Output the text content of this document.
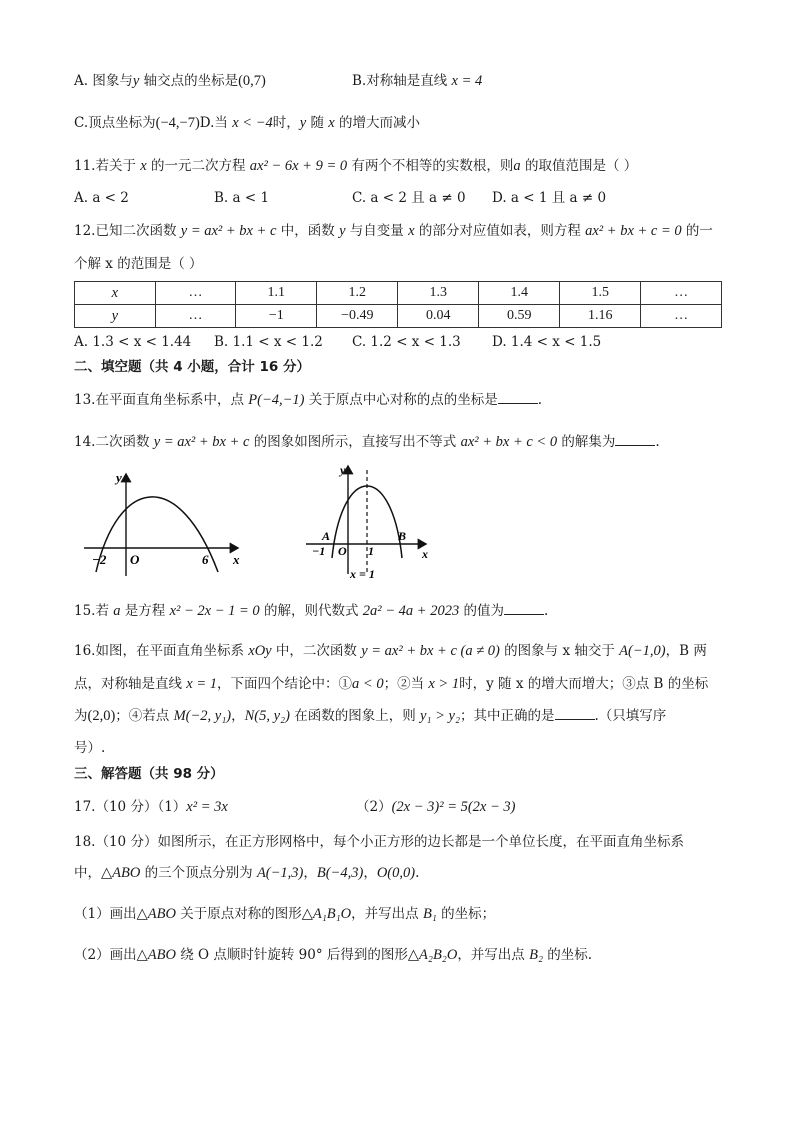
A. 图象与y 轴交点的坐标是(0,7)	B.对称轴是直线 x = 4
C.顶点坐标为(−4,−7)D.当 x < −4时，y 随 x 的增大而减小
11.若关于 x 的一元二次方程 ax² − 6x + 9 = 0 有两个不相等的实数根，则a 的取值范围是（ ）
A. a < 2	B. a < 1	C. a < 2 且 a ≠ 0 D. a < 1 且 a ≠ 0
12.已知二次函数 y = ax² + bx + c 中，函数 y 与自变量 x 的部分对应值如表，则方程 ax² + bx + c = 0 的一
个解 x 的范围是（ ）
x	…	1.1	1.2	1.3	1.4	1.5	…
y	…	−1	−0.49	0.04	0.59	1.16	…
A. 1.3 < x < 1.44 B. 1.1 < x < 1.2 C. 1.2 < x < 1.3 D. 1.4 < x < 1.5
二、填空题（共 4 小题，合计 16 分）
13.在平面直角坐标系中，点 P(−4,−1) 关于原点中心对称的点的坐标是	.
14.二次函数 y = ax² + bx + c 的图象如图所示，直接写出不等式 ax² + bx + c < 0 的解集为	.
y
x
O
−2	6
y
x
O
A	B
−1	1
x = 1
15.若 a 是方程 x² − 2x − 1 = 0 的解，则代数式 2a² − 4a + 2023 的值为	.
16.如图，在平面直角坐标系 xOy 中，二次函数 y = ax² + bx + c (a ≠ 0) 的图象与 x 轴交于 A(−1,0)，B 两
点，对称轴是直线 x = 1，下面四个结论中：①a < 0；②当 x > 1时，y 随 x 的增大而增大；③点 B 的坐标
为(2,0)；④若点 M(−2, y₁)，N(5, y₂) 在函数的图象上，则 y₁ > y₂；其中正确的是	.（只填写序
号）.
三、解答题（共 98 分）
17.（10 分）（1）x² = 3x	（2）(2x − 3)² = 5(2x − 3)
18.（10 分）如图所示，在正方形网格中，每个小正方形的边长都是一个单位长度，在平面直角坐标系
中，△ABO 的三个顶点分别为 A(−1,3)，B(−4,3)，O(0,0).
（1）画出△ABO 关于原点对称的图形△A₁B₁O，并写出点 B₁ 的坐标；
（2）画出△ABO 绕 O 点顺时针旋转 90° 后得到的图形△A₂B₂O，并写出点 B₂ 的坐标.
